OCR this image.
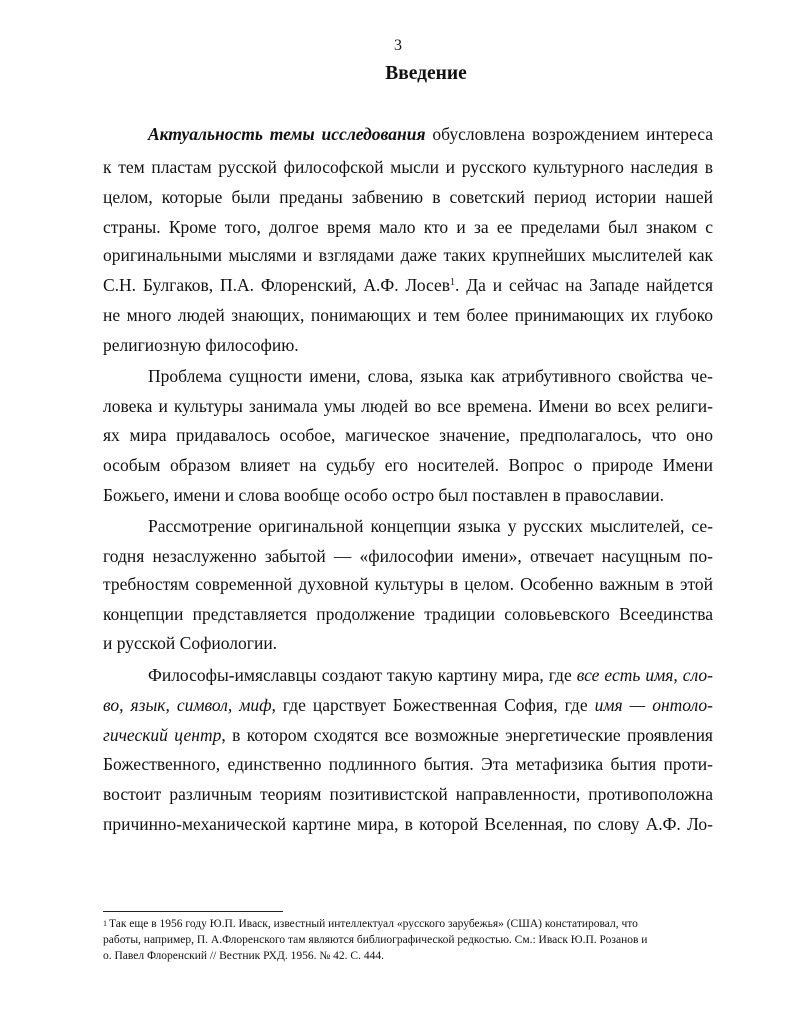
3
Введение
Актуальность темы исследования обусловлена возрождением интереса
к тем пластам русской философской мысли и русского культурного наследия в
целом, которые были преданы забвению в советский период истории нашей
страны. Кроме того, долгое время мало кто и за ее пределами был знаком с
оригинальными мыслями и взглядами даже таких крупнейших мыслителей как
С.Н. Булгаков, П.А. Флоренский, А.Ф. Лосев$^1$. Да и сейчас на Западе найдется
не много людей знающих, понимающих и тем более принимающих их глубоко
религиозную философию.
Проблема сущности имени, слова, языка как атрибутивного свойства че-
ловека и культуры занимала умы людей во все времена. Имени во всех религи-
ях мира придавалось особое, магическое значение, предполагалось, что оно
особым образом влияет на судьбу его носителей. Вопрос о природе Имени
Божьего, имени и слова вообще особо остро был поставлен в православии.
Рассмотрение оригинальной концепции языка у русских мыслителей, се-
годня незаслуженно забытой — «философии имени», отвечает насущным по-
требностям современной духовной культуры в целом. Особенно важным в этой
концепции представляется продолжение традиции соловьевского Всеединства
и русской Софиологии.
Философы-имяславцы создают такую картину мира, где все есть имя, сло-
во, язык, символ, миф, где царствует Божественная София, где имя — онтоло-
гический центр, в котором сходятся все возможные энергетические проявления
Божественного, единственно подлинного бытия. Эта метафизика бытия проти-
востоит различным теориям позитивистской направленности, противоположна
причинно-механической картине мира, в которой Вселенная, по слову А.Ф. Ло-
$^1$ Так еще в 1956 году Ю.П. Иваск, известный интеллектуал «русского зарубежья» (США) констатировал, что
работы, например, П. А.Флоренского там являются библиографической редкостью. См.: Иваск Ю.П. Розанов и
о. Павел Флоренский // Вестник РХД. 1956. № 42. С. 444.
